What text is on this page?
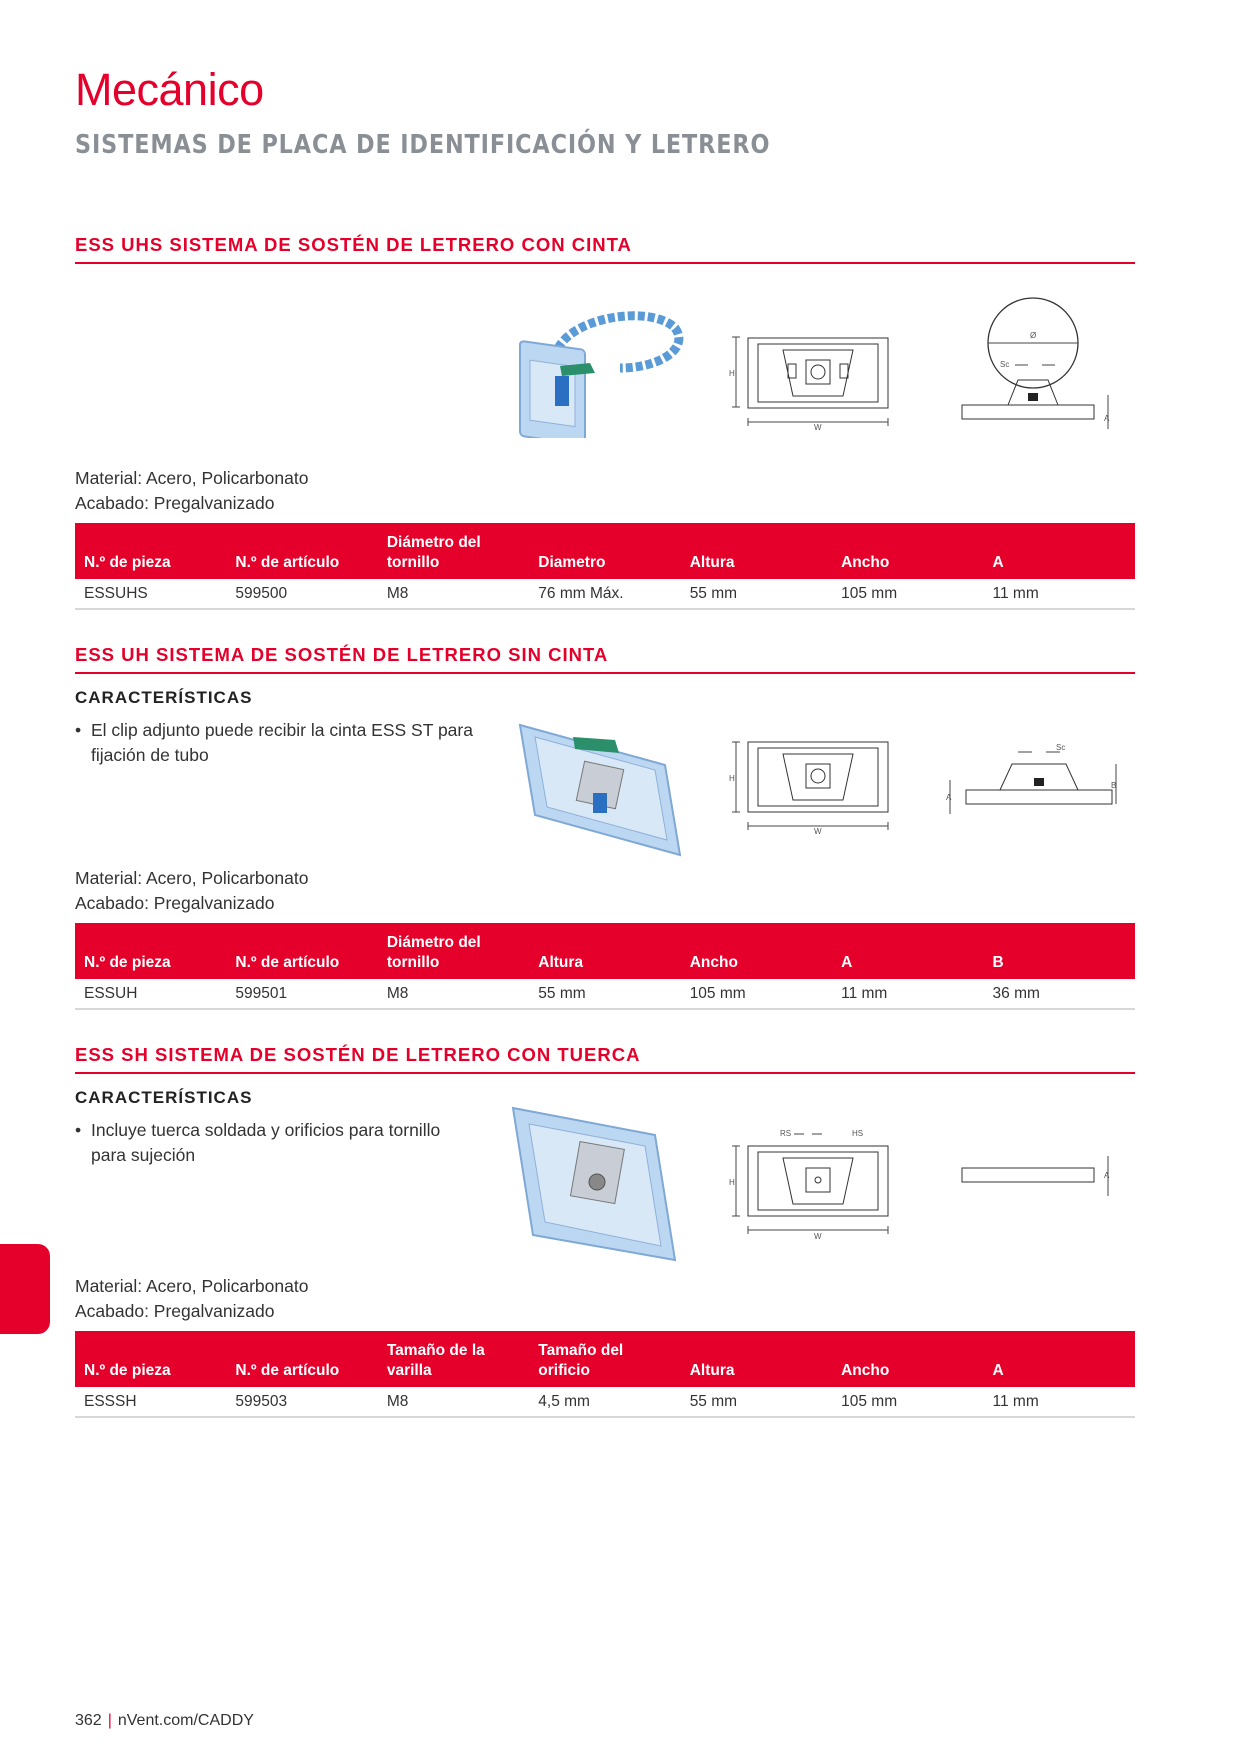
Mecánico
SISTEMAS DE PLACA DE IDENTIFICACIÓN Y LETRERO
ESS UHS SISTEMA DE SOSTÉN DE LETRERO CON CINTA
H
W
Ø
Sc
A
Material: Acero, Policarbonato
Acabado: Pregalvanizado
N.º de pieza	N.º de artículo	Diámetro del tornillo	Diametro	Altura	Ancho	A
ESSUHS	599500	M8	76 mm Máx.	55 mm	105 mm	11 mm
ESS UH SISTEMA DE SOSTÉN DE LETRERO SIN CINTA
CARACTERÍSTICAS
• El clip adjunto puede recibir la cinta ESS ST para fijación de tubo
H
W
Sc
A
B
Material: Acero, Policarbonato
Acabado: Pregalvanizado
N.º de pieza	N.º de artículo	Diámetro del tornillo	Altura	Ancho	A	B
ESSUH	599501	M8	55 mm	105 mm	11 mm	36 mm
ESS SH SISTEMA DE SOSTÉN DE LETRERO CON TUERCA
CARACTERÍSTICAS
• Incluye tuerca soldada y orificios para tornillo para sujeción
RS	HS
H
W
A
Material: Acero, Policarbonato
Acabado: Pregalvanizado
N.º de pieza	N.º de artículo	Tamaño de la varilla	Tamaño del orificio	Altura	Ancho	A
ESSSH	599503	M8	4,5 mm	55 mm	105 mm	11 mm
362 | nVent.com/CADDY
